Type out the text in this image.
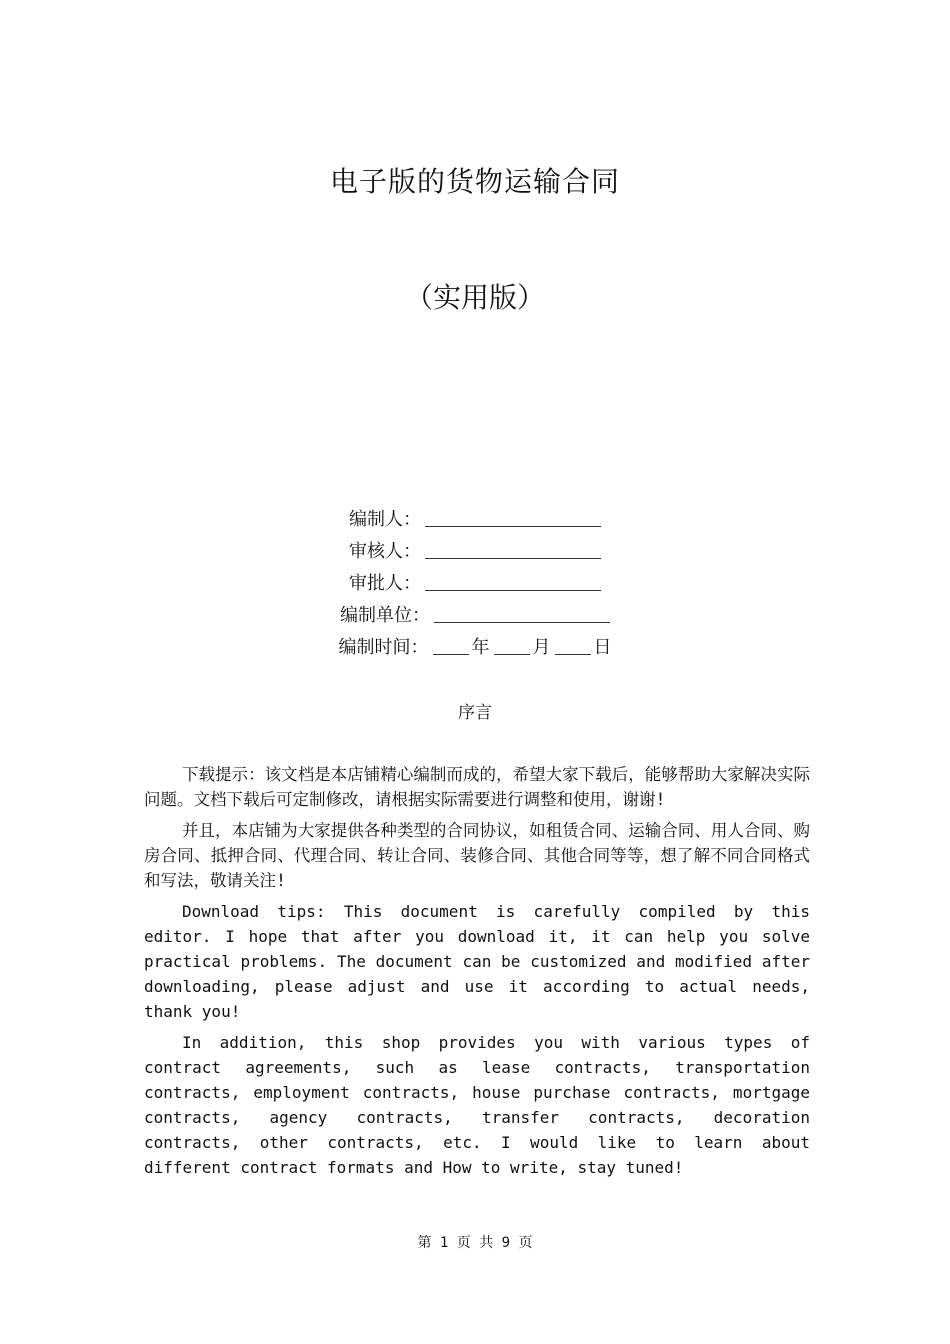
电子版的货物运输合同
（实用版）
编制人：
审核人：
审批人：
编制单位：
编制时间： 年 月 日
序言

下载提示：该文档是本店铺精心编制而成的，希望大家下载后，能够帮助大家解决实际问题。文档下载后可定制修改，请根据实际需要进行调整和使用，谢谢!

并且，本店铺为大家提供各种类型的合同协议，如租赁合同、运输合同、用人合同、购房合同、抵押合同、代理合同、转让合同、装修合同、其他合同等等，想了解不同合同格式和写法，敬请关注!

Download tips: This document is carefully compiled by this editor. I hope that after you download it, it can help you solve practical problems. The document can be customized and modified after downloading, please adjust and use it according to actual needs, thank you!

In addition, this shop provides you with various types of contract agreements, such as lease contracts, transportation contracts, employment contracts, house purchase contracts, mortgage contracts, agency contracts, transfer contracts, decoration contracts, other contracts, etc. I would like to learn about different contract formats and How to write, stay tuned!

第 1 页 共 9 页
